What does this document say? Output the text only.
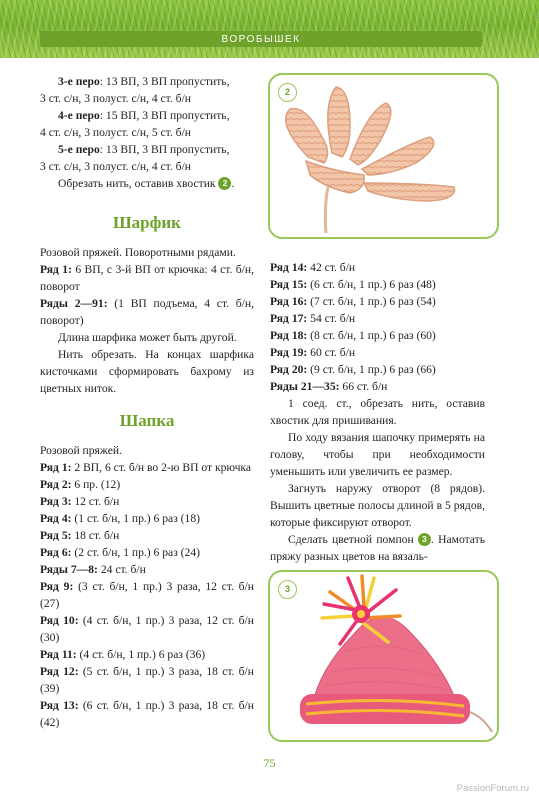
ВОРОБЫШЕК

3-е перо: 13 ВП, 3 ВП пропустить,

3 ст. с/н, 3 полуст. с/н, 4 ст. б/н

4-е перо: 15 ВП, 3 ВП пропустить,

4 ст. с/н, 3 полуст. с/н, 5 ст. б/н

5-е перо: 13 ВП, 3 ВП пропустить,

3 ст. с/н, 3 полуст. с/н, 4 ст. б/н

Обрезать нить, оставив хвостик 2 .

2
Шарфик

Розовой пряжей. Поворотными рядами.

Ряд 1: 6 ВП, с 3-й ВП от крючка: 4 ст. б/н, поворот

Ряды 2—91: (1 ВП подъема, 4 ст. б/н, поворот)

Длина шарфика может быть другой.

Нить обрезать. На концах шарфика кисточками сформировать бахрому из цветных ниток.

Шапка

Розовой пряжей.

Ряд 1: 2 ВП, 6 ст. б/н во 2-ю ВП от крючка

Ряд 2: 6 пр. (12)

Ряд 3: 12 ст. б/н

Ряд 4: (1 ст. б/н, 1 пр.) 6 раз (18)

Ряд 5: 18 ст. б/н

Ряд 6: (2 ст. б/н, 1 пр.) 6 раз (24)

Ряды 7—8: 24 ст. б/н

Ряд 9: (3 ст. б/н, 1 пр.) 3 раза, 12 ст. б/н (27)

Ряд 10: (4 ст. б/н, 1 пр.) 3 раза, 12 ст. б/н (30)

Ряд 11: (4 ст. б/н, 1 пр.) 6 раз (36)

Ряд 12: (5 ст. б/н, 1 пр.) 3 раза, 18 ст. б/н (39)

Ряд 13: (6 ст. б/н, 1 пр.) 3 раза, 18 ст. б/н (42)

Ряд 14: 42 ст. б/н

Ряд 15: (6 ст. б/н, 1 пр.) 6 раз (48)

Ряд 16: (7 ст. б/н, 1 пр.) 6 раз (54)

Ряд 17: 54 ст. б/н

Ряд 18: (8 ст. б/н, 1 пр.) 6 раз (60)

Ряд 19: 60 ст. б/н

Ряд 20: (9 ст. б/н, 1 пр.) 6 раз (66)

Ряды 21—35: 66 ст. б/н

1 соед. ст., обрезать нить, оставив хвостик для пришивания.

По ходу вязания шапочку примерять на голову, чтобы при необходимости уменьшить или увеличить ее размер.

Загнуть наружу отворот (8 рядов). Вышить цветные полосы длиной в 5 рядов, которые фиксируют отворот.

Сделать цветной помпон 3 . Намотать пряжу разных цветов на вязаль-

3
75
PassionForum.ru
